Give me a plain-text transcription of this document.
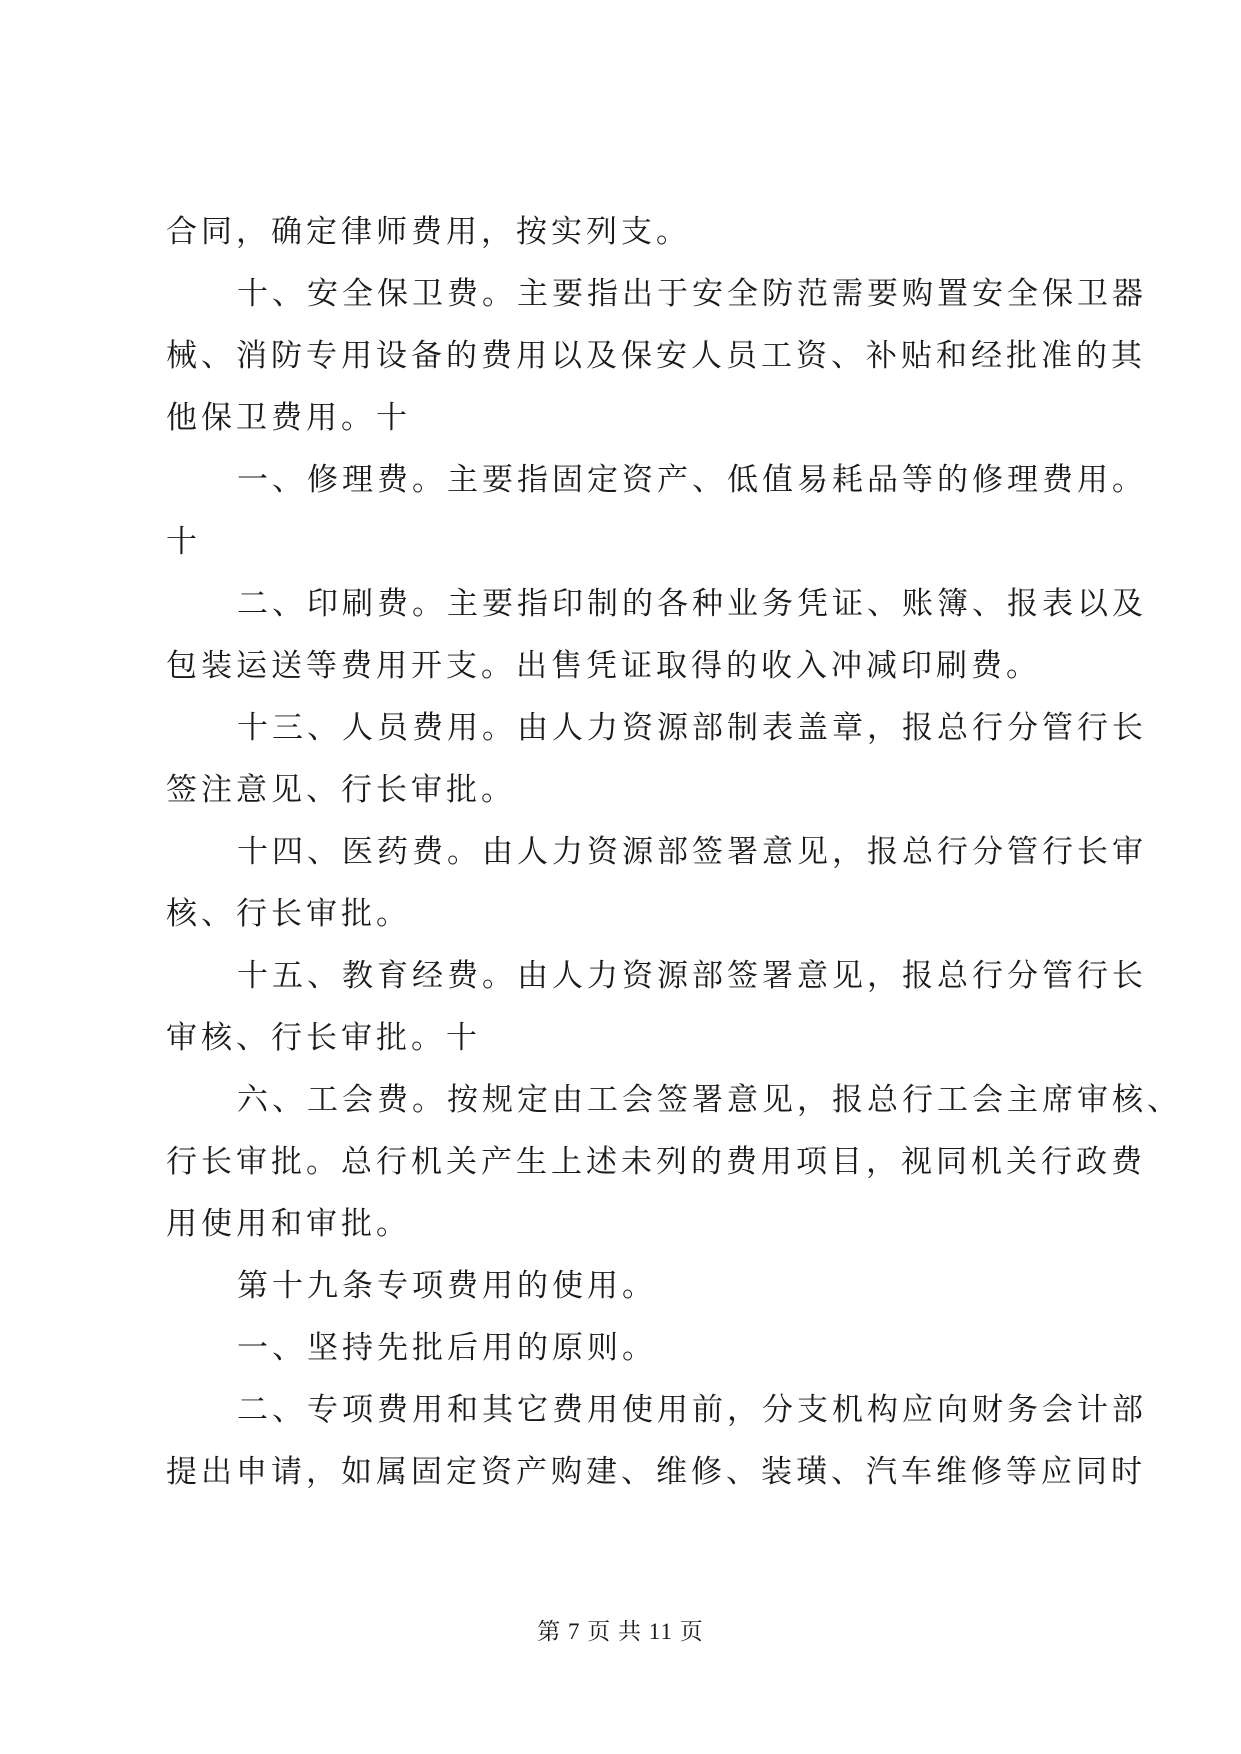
合同，确定律师费用，按实列支。
十、安全保卫费。主要指出于安全防范需要购置安全保卫器
械、消防专用设备的费用以及保安人员工资、补贴和经批准的其
他保卫费用。十
一、修理费。主要指固定资产、低值易耗品等的修理费用。
十
二、印刷费。主要指印制的各种业务凭证、账簿、报表以及
包装运送等费用开支。出售凭证取得的收入冲减印刷费。
十三、人员费用。由人力资源部制表盖章，报总行分管行长
签注意见、行长审批。
十四、医药费。由人力资源部签署意见，报总行分管行长审
核、行长审批。
十五、教育经费。由人力资源部签署意见，报总行分管行长
审核、行长审批。十
六、工会费。按规定由工会签署意见，报总行工会主席审核、
行长审批。总行机关产生上述未列的费用项目，视同机关行政费
用使用和审批。
第十九条专项费用的使用。
一、坚持先批后用的原则。
二、专项费用和其它费用使用前，分支机构应向财务会计部
提出申请，如属固定资产购建、维修、装璜、汽车维修等应同时
第 7 页 共 11 页
